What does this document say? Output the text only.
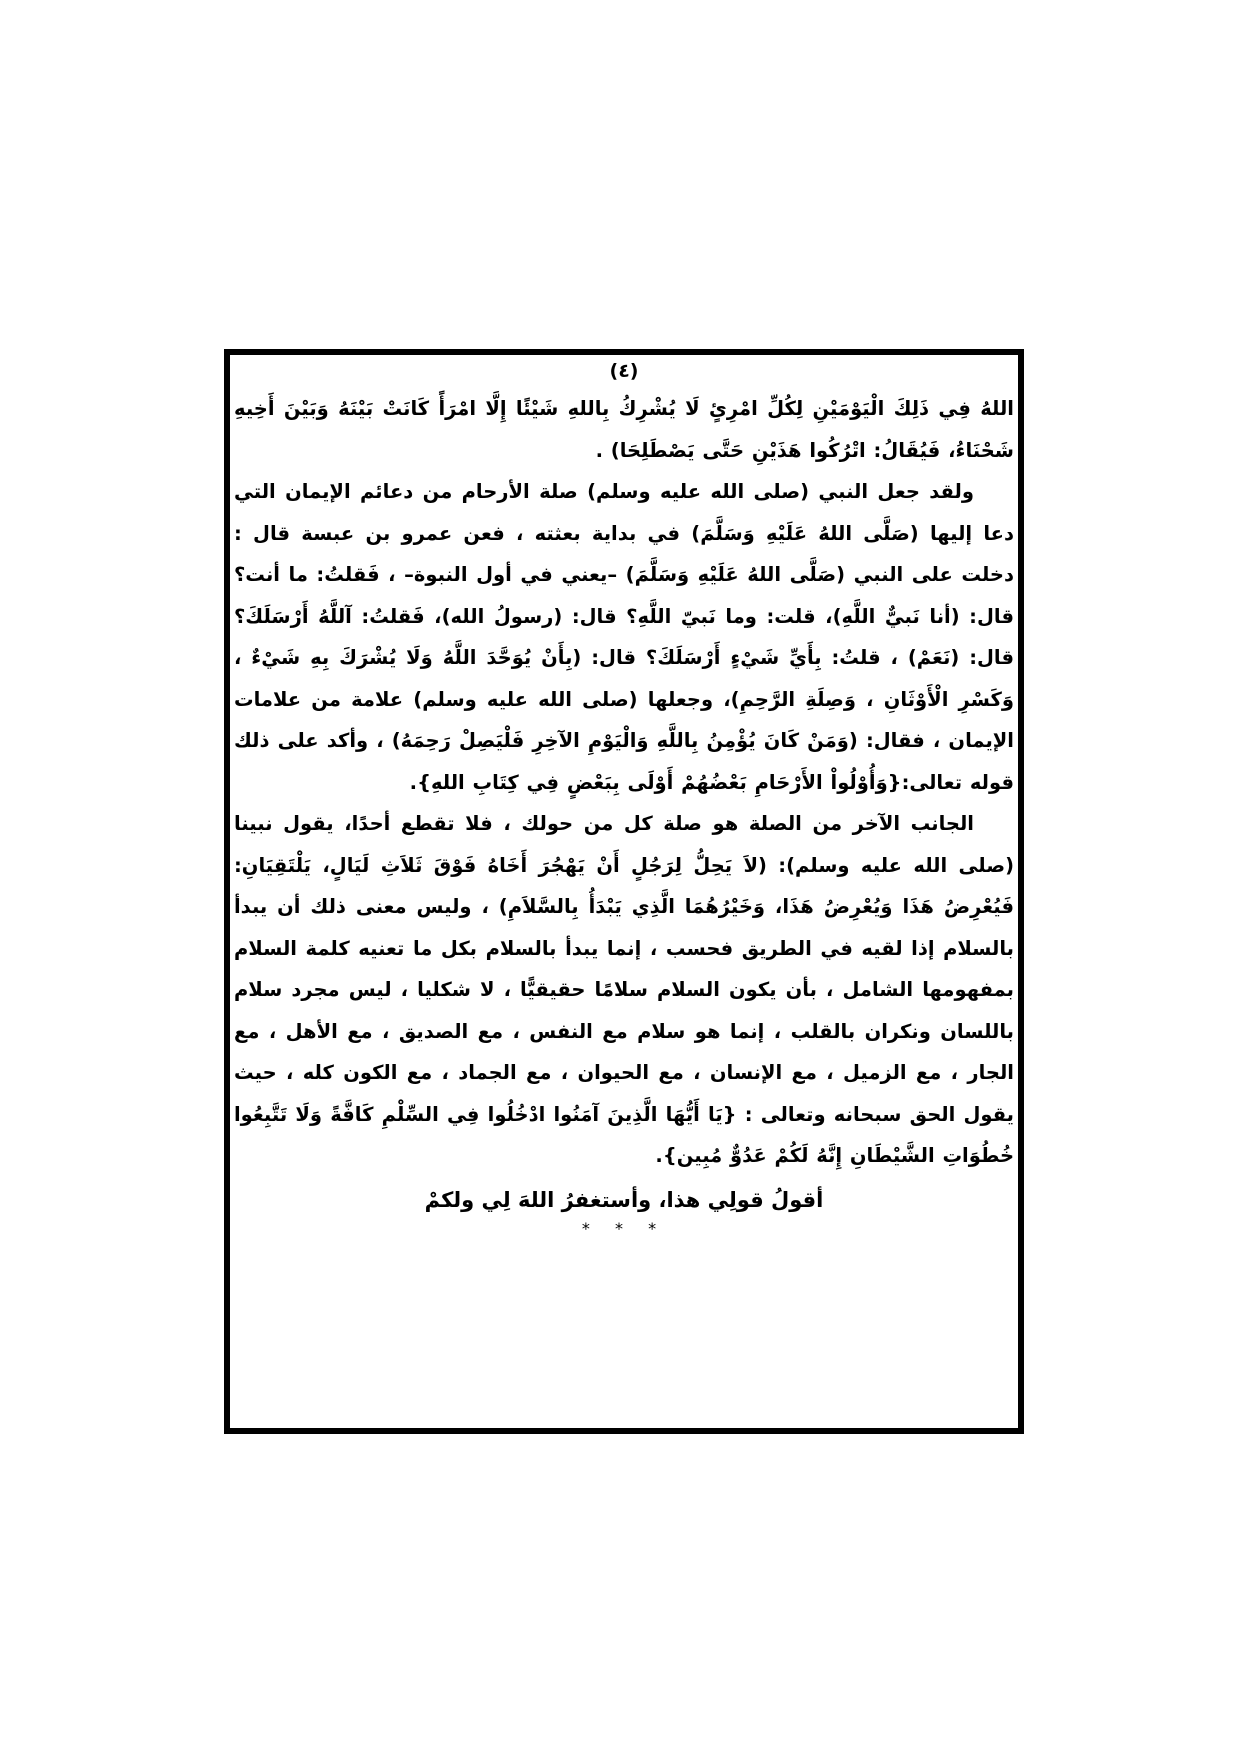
(٤)

اللهُ فِي ذَلِكَ الْيَوْمَيْنِ لِكُلِّ امْرِئٍ لَا يُشْرِكُ بِاللهِ شَيْئًا إِلَّا امْرَأً كَانَتْ بَيْنَهُ وَبَيْنَ أَخِيهِ شَحْنَاءُ، فَيُقَالُ: اتْرُكُوا هَذَيْنِ حَتَّى يَصْطَلِحَا) .

ولقد جعل النبي (صلى الله عليه وسلم) صلة الأرحام من دعائم الإيمان التي دعا إليها (صَلَّى اللهُ عَلَيْهِ وَسَلَّمَ) في بداية بعثته ، فعن عمرو بن عبسة قال : دخلت على النبي (صَلَّى اللهُ عَلَيْهِ وَسَلَّمَ) –يعني في أول النبوة– ، فَقلتُ: ما أنت؟ قال: (أنا نَبيٌّ اللَّهِ)، قلت: وما نَبيّ اللَّهِ؟ قال: (رسولُ الله)، فَقلتُ: آللَّهُ أَرْسَلَكَ؟ قال: (نَعَمْ) ، قلتُ: بِأَيِّ شَيْءٍ أَرْسَلَكَ؟ قال: (بِأَنْ يُوَحَّدَ اللَّهُ وَلَا يُشْرَكَ بِهِ شَيْءٌ ، وَكَسْرِ الْأَوْثَانِ ، وَصِلَةِ الرَّحِمِ)، وجعلها (صلى الله عليه وسلم) علامة من علامات الإيمان ، فقال: (وَمَنْ كَانَ يُؤْمِنُ بِاللَّهِ وَالْيَوْمِ الآخِرِ فَلْيَصِلْ رَحِمَهُ) ، وأكد على ذلك قوله تعالى:{وَأُوْلُواْ الأَرْحَامِ بَعْضُهُمْ أَوْلَى بِبَعْضٍ فِي كِتَابِ اللهِ}.

الجانب الآخر من الصلة هو صلة كل من حولك ، فلا تقطع أحدًا، يقول نبينا (صلى الله عليه وسلم): (لاَ يَحِلُّ لِرَجُلٍ أَنْ يَهْجُرَ أَخَاهُ فَوْقَ ثَلاَثِ لَيَالٍ، يَلْتَقِيَانِ: فَيُعْرِضُ هَذَا وَيُعْرِضُ هَذَا، وَخَيْرُهُمَا الَّذِي يَبْدَأُ بِالسَّلاَمِ) ، وليس معنى ذلك أن يبدأ بالسلام إذا لقيه في الطريق فحسب ، إنما يبدأ بالسلام بكل ما تعنيه كلمة السلام بمفهومها الشامل ، بأن يكون السلام سلامًا حقيقيًّا ، لا شكليا ، ليس مجرد سلام باللسان ونكران بالقلب ، إنما هو سلام مع النفس ، مع الصديق ، مع الأهل ، مع الجار ، مع الزميل ، مع الإنسان ، مع الحيوان ، مع الجماد ، مع الكون كله ، حيث يقول الحق سبحانه وتعالى : {يَا أَيُّهَا الَّذِينَ آمَنُوا ادْخُلُوا فِي السِّلْمِ كَافَّةً وَلَا تَتَّبِعُوا خُطُوَاتِ الشَّيْطَانِ إِنَّهُ لَكُمْ عَدُوٌّ مُبِين}.

أقولُ قولِي هذا، وأستغفرُ اللهَ لِي ولكمْ
* * *
